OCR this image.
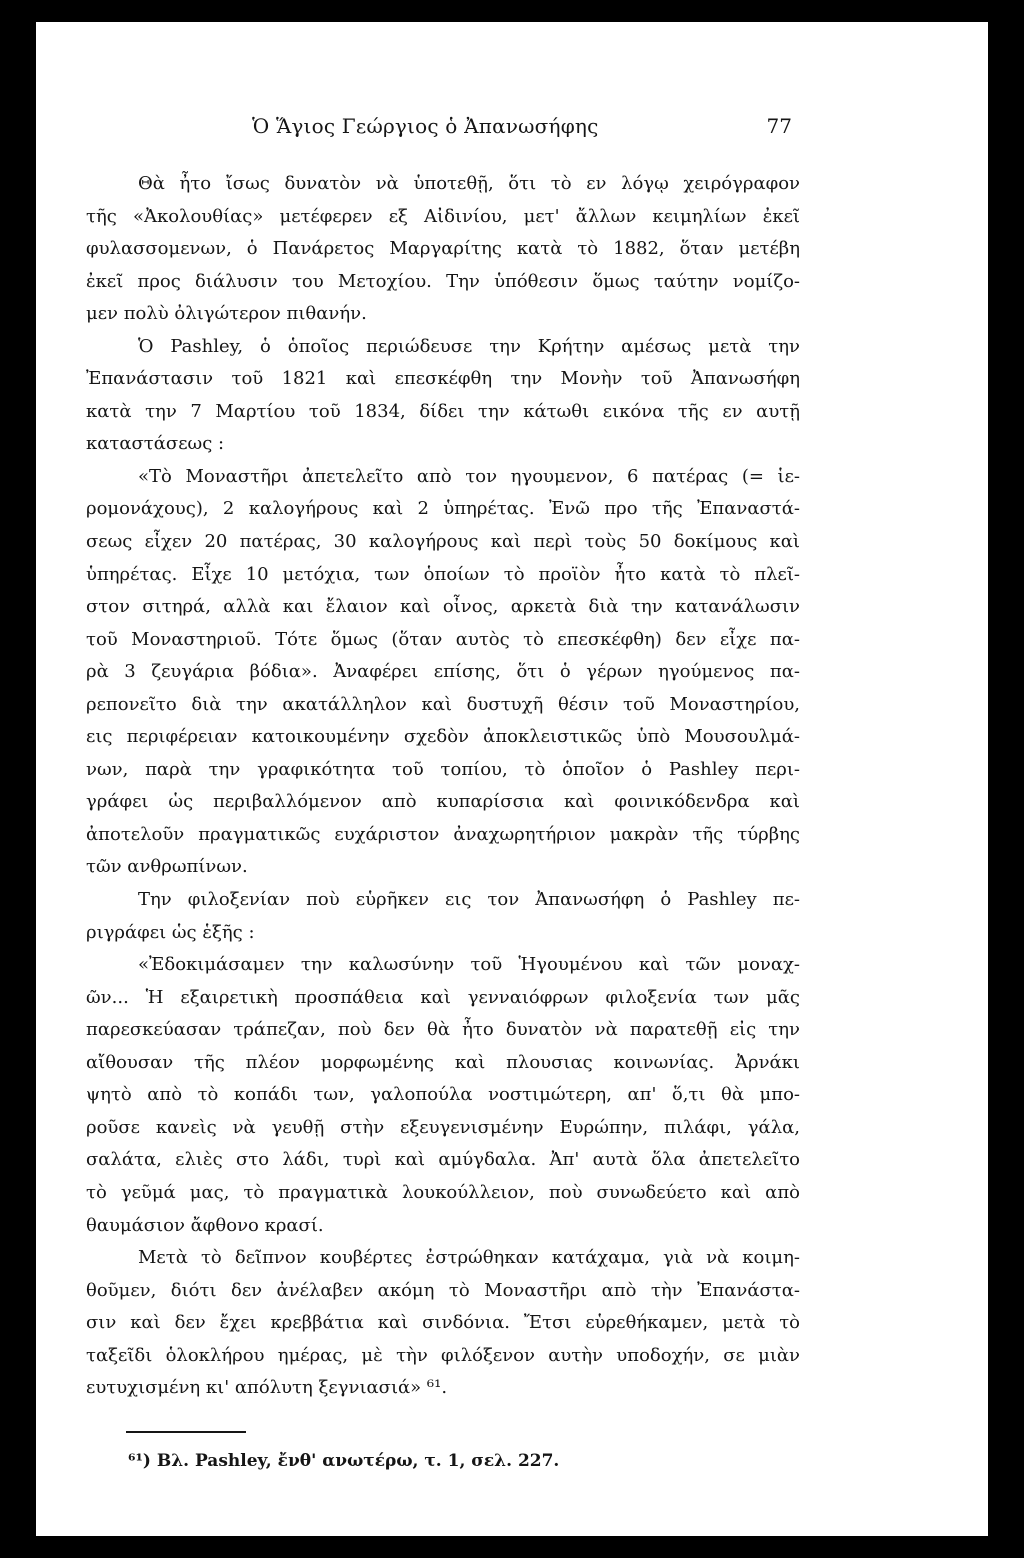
Ὁ Ἅγιος Γεώργιος ὁ Ἀπανωσήφης	77
Θὰ ἦτο ἴσως δυνατὸν νὰ ὑποτεθῇ, ὅτι τὸ εν λόγῳ χειρόγραφον
τῆς «Ἀκολουθίας» μετέφερεν εξ Αἰδινίου, μετ' ἄλλων κειμηλίων ἐκεῖ
φυλασσομενων, ὁ Πανάρετος Μαργαρίτης κατὰ τὸ 1882, ὅταν μετέβη
ἐκεῖ προς διάλυσιν του Μετοχίου. Την ὑπόθεσιν ὅμως ταύτην νομίζο-
μεν πολὺ ὀλιγώτερον πιθανήν.
Ὁ Pashley, ὁ ὁποῖος περιώδευσε την Κρήτην αμέσως μετὰ την
Ἐπανάστασιν τοῦ 1821 καὶ επεσκέφθη την Μονὴν τοῦ Ἀπανωσήφη
κατὰ την 7 Μαρτίου τοῦ 1834, δίδει την κάτωθι εικόνα τῆς εν αυτῇ
καταστάσεως :
«Τὸ Μοναστῆρι ἀπετελεῖτο απὸ τον ηγουμενον, 6 πατέρας (= ἱε-
ρομονάχους), 2 καλογήρους καὶ 2 ὑπηρέτας. Ἐνῶ προ τῆς Ἐπαναστά-
σεως εἶχεν 20 πατέρας, 30 καλογήρους καὶ περὶ τοὺς 50 δοκίμους καὶ
ὑπηρέτας. Εἶχε 10 μετόχια, των ὁποίων τὸ προϊὸν ἦτο κατὰ τὸ πλεῖ-
στον σιτηρά, αλλὰ και ἔλαιον καὶ οἶνος, αρκετὰ διὰ την κατανάλωσιν
τοῦ Μοναστηριοῦ. Τότε ὅμως (ὅταν αυτὸς τὸ επεσκέφθη) δεν εἶχε πα-
ρὰ 3 ζευγάρια βόδια». Ἀναφέρει επίσης, ὅτι ὁ γέρων ηγούμενος πα-
ρεπονεῖτο διὰ την ακατάλληλον καὶ δυστυχῆ θέσιν τοῦ Μοναστηρίου,
εις περιφέρειαν κατοικουμένην σχεδὸν ἀποκλειστικῶς ὑπὸ Μουσουλμά-
νων, παρὰ την γραφικότητα τοῦ τοπίου, τὸ ὁποῖον ὁ Pashley περι-
γράφει ὡς περιβαλλόμενον απὸ κυπαρίσσια καὶ φοινικόδενδρα καὶ
ἀποτελοῦν πραγματικῶς ευχάριστον ἀναχωρητήριον μακρὰν τῆς τύρβης
τῶν ανθρωπίνων.
Την φιλοξενίαν ποὺ εὑρῆκεν εις τον Ἀπανωσήφη ὁ Pashley πε-
ριγράφει ὡς ἑξῆς :
«Ἐδοκιμάσαμεν την καλωσύνην τοῦ Ἡγουμένου καὶ τῶν μοναχ-
ῶν... Ἡ εξαιρετικὴ προσπάθεια καὶ γενναιόφρων φιλοξενία των μᾶς
παρεσκεύασαν τράπεζαν, ποὺ δεν θὰ ἦτο δυνατὸν νὰ παρατεθῇ εἰς την
αἴθουσαν τῆς πλέον μορφωμένης καὶ πλουσιας κοινωνίας. Ἀρνάκι
ψητὸ απὸ τὸ κοπάδι των, γαλοπούλα νοστιμώτερη, απ' ὅ,τι θὰ μπο-
ροῦσε κανεὶς νὰ γευθῇ στὴν εξευγενισμένην Ευρώπην, πιλάφι, γάλα,
σαλάτα, ελιὲς στο λάδι, τυρὶ καὶ αμύγδαλα. Ἀπ' αυτὰ ὅλα ἀπετελεῖτο
τὸ γεῦμά μας, τὸ πραγματικὰ λουκούλλειον, ποὺ συνωδεύετο καὶ απὸ
θαυμάσιον ἄφθονο κρασί.
Μετὰ τὸ δεῖπνον κουβέρτες ἐστρώθηκαν κατάχαμα, γιὰ νὰ κοιμη-
θοῦμεν, διότι δεν ἀνέλαβεν ακόμη τὸ Μοναστῆρι απὸ τὴν Ἐπανάστα-
σιν καὶ δεν ἔχει κρεββάτια καὶ σινδόνια. Ἔτσι εὑρεθήκαμεν, μετὰ τὸ
ταξεῖδι ὁλοκλήρου ημέρας, μὲ τὴν φιλόξενον αυτὴν υποδοχήν, σε μιὰν
ευτυχισμένη κι' απόλυτη ξεγνιασιά» ⁶¹.
⁶¹) Βλ. Pashley, ἔνθ' ανωτέρω, τ. 1, σελ. 227.
